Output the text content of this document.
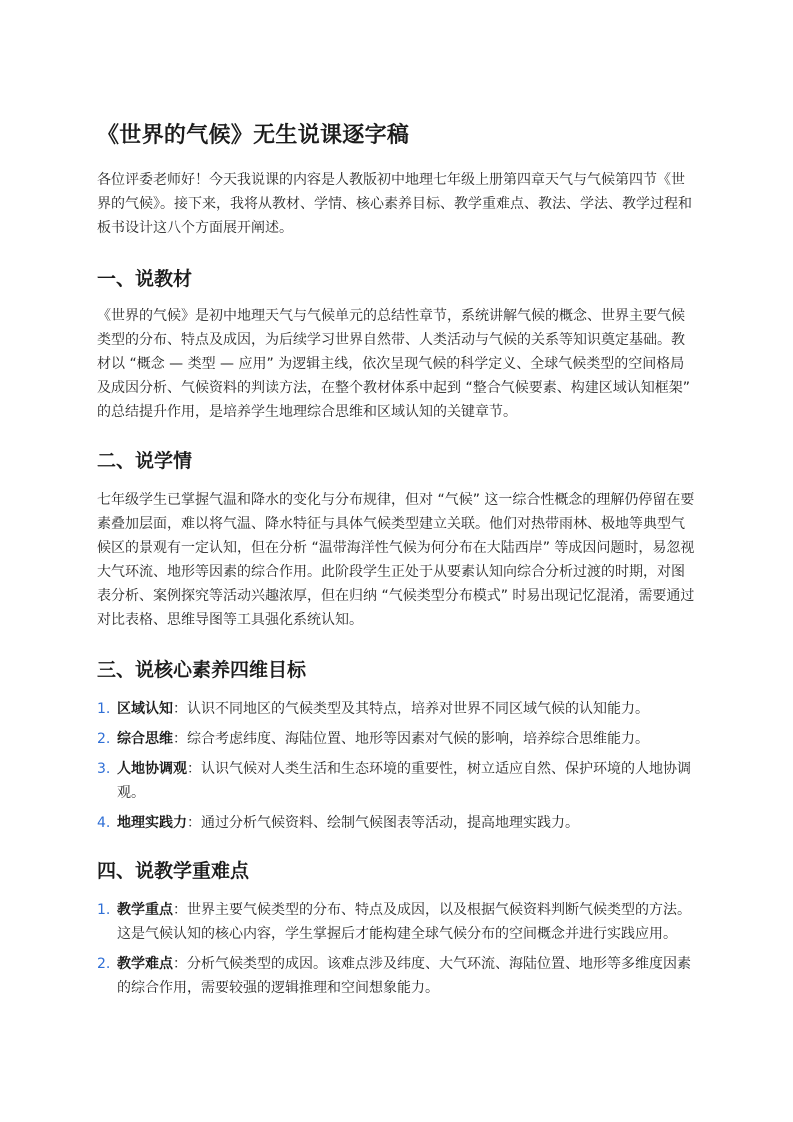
《世界的气候》无生说课逐字稿

各位评委老师好！今天我说课的内容是人教版初中地理七年级上册第四章天气与气候第四节《世界的气候》。接下来，我将从教材、学情、核心素养目标、教学重难点、教法、学法、教学过程和板书设计这八个方面展开阐述。

一、说教材

《世界的气候》是初中地理天气与气候单元的总结性章节，系统讲解气候的概念、世界主要气候类型的分布、特点及成因，为后续学习世界自然带、人类活动与气候的关系等知识奠定基础。教材以 “概念 — 类型 — 应用” 为逻辑主线，依次呈现气候的科学定义、全球气候类型的空间格局及成因分析、气候资料的判读方法，在整个教材体系中起到 “整合气候要素、构建区域认知框架” 的总结提升作用，是培养学生地理综合思维和区域认知的关键章节。

二、说学情

七年级学生已掌握气温和降水的变化与分布规律，但对 “气候” 这一综合性概念的理解仍停留在要素叠加层面，难以将气温、降水特征与具体气候类型建立关联。他们对热带雨林、极地等典型气候区的景观有一定认知，但在分析 “温带海洋性气候为何分布在大陆西岸” 等成因问题时，易忽视大气环流、地形等因素的综合作用。此阶段学生正处于从要素认知向综合分析过渡的时期，对图表分析、案例探究等活动兴趣浓厚，但在归纳 “气候类型分布模式” 时易出现记忆混淆，需要通过对比表格、思维导图等工具强化系统认知。

三、说核心素养四维目标
1. 区域认知：认识不同地区的气候类型及其特点，培养对世界不同区域气候的认知能力。
2. 综合思维：综合考虑纬度、海陆位置、地形等因素对气候的影响，培养综合思维能力。
3. 人地协调观：认识气候对人类生活和生态环境的重要性，树立适应自然、保护环境的人地协调观。
4. 地理实践力：通过分析气候资料、绘制气候图表等活动，提高地理实践力。
四、说教学重难点
1. 教学重点：世界主要气候类型的分布、特点及成因，以及根据气候资料判断气候类型的方法。这是气候认知的核心内容，学生掌握后才能构建全球气候分布的空间概念并进行实践应用。
2. 教学难点：分析气候类型的成因。该难点涉及纬度、大气环流、海陆位置、地形等多维度因素的综合作用，需要较强的逻辑推理和空间想象能力。
